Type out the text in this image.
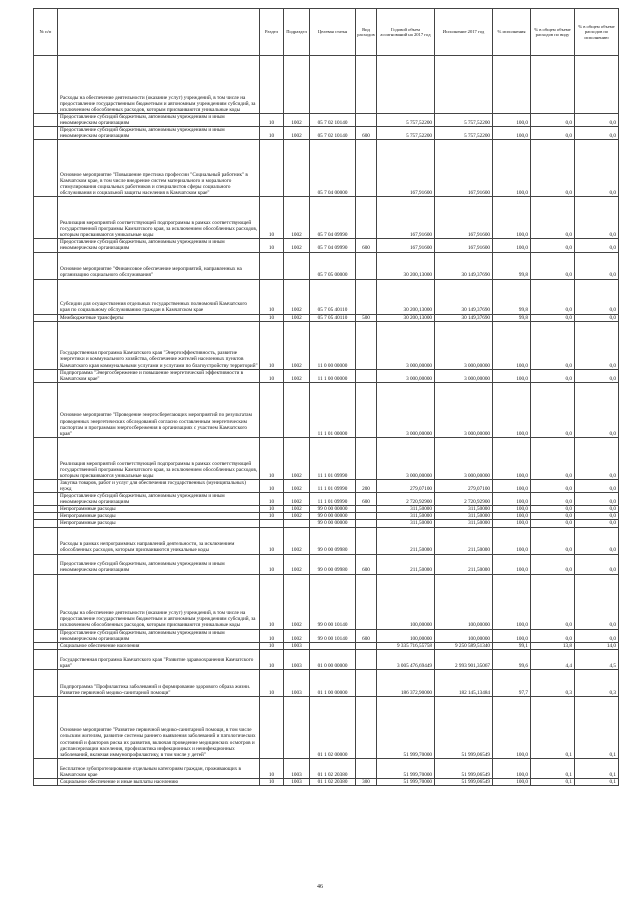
№ п/п		Раздел	Подраздел	Целевая статья	Вид расходов	Годовой объем ассигнований на 2017 год	Исполнение 2017 год	% исполнения	% в общем объеме расходов по виду	% в общем объеме расходов по исполнению
	Расходы на обеспечение деятельности (оказание услуг) учреждений, в том числе на предоставление государственным бюджетным и автономным учреждениям субсидий, за исключением обособленных расходов, которым присваиваются уникальные коды									
	Предоставление субсидий бюджетным, автономным учреждениям и иным некоммерческим организациям	10	1002	05 7 02 10140		5 757,52200	5 757,52200	100,0	0,0	0,0
	Предоставление субсидий бюджетным, автономным учреждениям и иным некоммерческим организациям	10	1002	05 7 02 10140	600	5 757,52200	5 757,52200	100,0	0,0	0,0
	Основное мероприятие "Повышение престижа профессии "Социальный работник" в Камчатском крае, в том числе внедрение систем материального и морального стимулирования социальных работников и специалистов сферы социального обслуживания и социальной защиты населения в Камчатском крае"			05 7 04 00000		167,91600	167,91600	100,0	0,0	0,0
	Реализация мероприятий соответствующей подпрограммы в рамках соответствующей государственной программы Камчатского края, за исключением обособленных расходов, которым присваиваются уникальные коды	10	1002	05 7 04 09990		167,91600	167,91600	100,0	0,0	0,0
	Предоставление субсидий бюджетным, автономным учреждениям и иным некоммерческим организациям	10	1002	05 7 04 09990	600	167,91600	167,91600	100,0	0,0	0,0
	Основное мероприятие "Финансовое обеспечение мероприятий, направленных на организацию социального обслуживания"			05 7 05 00000		30 200,13000	30 149,37690	99,8	0,0	0,0
	Субсидии для осуществления отдельных государственных полномочий Камчатского края по социальному обслуживанию граждан в Камчатском крае	10	1002	05 7 05 40110		30 200,13000	30 149,37690	99,8	0,0	0,0
	Межбюджетные трансферты	10	1002	05 7 05 40110	500	30 200,13000	30 149,37690	99,8	0,0	0,0
	Государственная программа Камчатского края "Энергоэффективность, развитие энергетики и коммунального хозяйства, обеспечение жителей населенных пунктов Камчатского края коммунальными услугами и услугами по благоустройству территорий"	10	1002	11 0 00 00000		3 000,00000	3 000,00000	100,0	0,0	0,0
	Подпрограмма "Энергосбережение и повышение энергетической эффективности в Камчатском крае"	10	1002	11 1 00 00000		3 000,00000	3 000,00000	100,0	0,0	0,0
	Основное мероприятие "Проведение энергосберегающих мероприятий по результатам проведенных энергетических обследований согласно составленным энергетическим паспортам и программам энергосбережения в организациях с участием Камчатского края"			11 1 01 00000		3 000,00000	3 000,00000	100,0	0,0	0,0
	Реализация мероприятий соответствующей подпрограммы в рамках соответствующей государственной программы Камчатского края, за исключением обособленных расходов, которым присваиваются уникальные коды	10	1002	11 1 01 09990		3 000,00000	3 000,00000	100,0	0,0	0,0
	Закупка товаров, работ и услуг для обеспечения государственных (муниципальных) нужд	10	1002	11 1 01 09990	200	279,07100	279,07100	100,0	0,0	0,0
	Предоставление субсидий бюджетным, автономным учреждениям и иным некоммерческим организациям	10	1002	11 1 01 09990	600	2 720,92900	2 720,92900	100,0	0,0	0,0
	Непрограммные расходы	10	1002	99 0 00 00000		311,50000	311,50000	100,0	0,0	0,0
	Непрограммные расходы	10	1002	99 0 00 00000		311,50000	311,50000	100,0	0,0	0,0
	Непрограммные расходы			99 0 00 00000		311,50000	311,50000	100,0	0,0	0,0
	Расходы в рамках непрограммных направлений деятельности, за исключением обособленных расходов, которым присваиваются уникальные коды	10	1002	99 0 00 09980		211,50000	211,50000	100,0	0,0	0,0
	Предоставление субсидий бюджетным, автономным учреждениям и иным некоммерческим организациям	10	1002	99 0 00 09980	600	211,50000	211,50000	100,0	0,0	0,0
	Расходы на обеспечение деятельности (оказание услуг) учреждений, в том числе на предоставление государственным бюджетным и автономным учреждениям субсидий, за исключением обособленных расходов, которым присваиваются уникальные коды	10	1002	99 0 00 10140		100,00000	100,00000	100,0	0,0	0,0
	Предоставление субсидий бюджетным, автономным учреждениям и иным некоммерческим организациям	10	1002	99 0 00 10140	600	100,00000	100,00000	100,0	0,0	0,0
	Социальное обеспечение населения	10	1003			9 335 716,55758	9 250 589,51340	99,1	13,8	14,0
	Государственная программа Камчатского края "Развитие здравоохранения Камчатского края"	10	1003	01 0 00 00000		3 005 476,69449	2 993 901,35067	99,6	4,4	4,5
	Подпрограмма "Профилактика заболеваний и формирование здорового образа жизни. Развитие первичной медико-санитарной помощи"	10	1003	01 1 00 00000		186 372,90000	182 145,13484	97,7	0,3	0,3
	Основное мероприятие "Развитие первичной медико-санитарной помощи, в том числе сельским жителям, развитие системы раннего выявления заболеваний и патологических состояний и факторов риска их развития, включая проведение медицинских осмотров и диспансеризации населения, профилактика инфекционных и неинфекционных заболеваний, включая иммунопрофилактику, в том числе у детей"			01 1 02 00000		51 999,70000	51 999,06549	100,0	0,1	0,1
	Бесплатное зубопротезирование отдельным категориям граждан, проживающих в Камчатском крае	10	1003	01 1 02 20380		51 999,70000	51 999,06549	100,0	0,1	0,1
	Социальное обеспечение и иные выплаты населению	10	1003	01 1 02 20380	300	51 999,70000	51 999,06549	100,0	0,1	0,1
46
